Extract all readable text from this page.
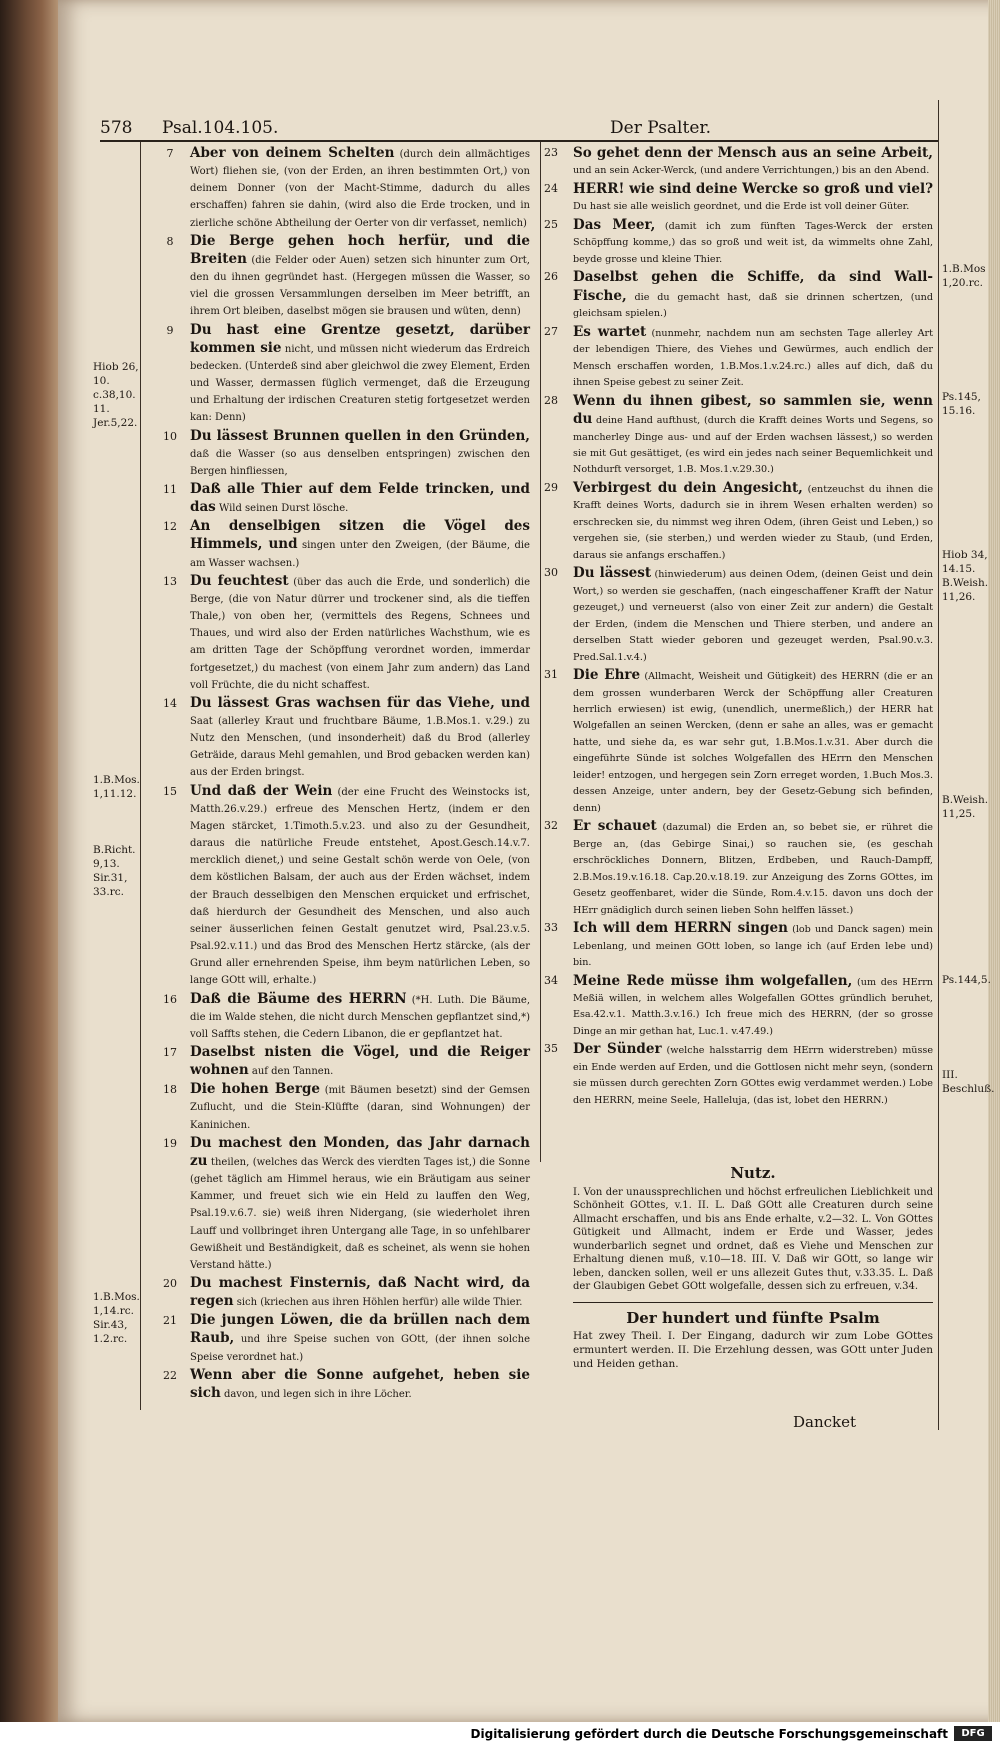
578 Psal.104.105.	Der Psalter.
Hiob 26, 10. c.38,10. 11. Jer.5,22.
1.B.Mos. 1,11.12.
B.Richt. 9,13. Sir.31, 33.rc.
1.B.Mos. 1,14.rc. Sir.43, 1.2.rc.
1.B.Mos 1,20.rc.
Ps.145, 15.16.
Hiob 34, 14.15. B.Weish. 11,26.
B.Weish. 11,25.
Ps.144,5.
III. Beschluß.

7	Aber von deinem Schelten (durch dein allmächtiges Wort) fliehen sie, (von der Erden, an ihren bestimmten Ort,) von deinem Donner (von der Macht-Stimme, dadurch du alles erschaffen) fahren sie dahin, (wird also die Erde trocken, und in zierliche schöne Abtheilung der Oerter von dir verfasset, nemlich)

8	Die Berge gehen hoch herfür, und die Breiten (die Felder oder Auen) setzen sich hinunter zum Ort, den du ihnen gegründet hast. (Hergegen müssen die Wasser, so viel die grossen Versammlungen derselben im Meer betrifft, an ihrem Ort bleiben, daselbst mögen sie brausen und wüten, denn)

9	Du hast eine Grentze gesetzt, darüber kommen sie nicht, und müssen nicht wiederum das Erdreich bedecken. (Unterdeß sind aber gleichwol die zwey Element, Erden und Wasser, dermassen füglich vermenget, daß die Erzeugung und Erhaltung der irdischen Creaturen stetig fortgesetzet werden kan: Denn)

10 Du lässest Brunnen quellen in den Gründen, daß die Wasser (so aus denselben entspringen) zwischen den Bergen hinfliessen,

11 Daß alle Thier auf dem Felde trincken, und das Wild seinen Durst lösche.

12 An denselbigen sitzen die Vögel des Himmels, und singen unter den Zweigen, (der Bäume, die am Wasser wachsen.)

13 Du feuchtest (über das auch die Erde, und sonderlich) die Berge, (die von Natur dürrer und trockener sind, als die tieffen Thale,) von oben her, (vermittels des Regens, Schnees und Thaues, und wird also der Erden natürliches Wachsthum, wie es am dritten Tage der Schöpffung verordnet worden, immerdar fortgesetzet,) du machest (von einem Jahr zum andern) das Land voll Früchte, die du nicht schaffest.

14 Du lässest Gras wachsen für das Viehe, und Saat (allerley Kraut und fruchtbare Bäume, 1.B.Mos.1. v.29.) zu Nutz den Menschen, (und insonderheit) daß du Brod (allerley Geträide, daraus Mehl gemahlen, und Brod gebacken werden kan) aus der Erden bringst.

15 Und daß der Wein (der eine Frucht des Weinstocks ist, Matth.26.v.29.) erfreue des Menschen Hertz, (indem er den Magen stärcket, 1.Timoth.5.v.23. und also zu der Gesundheit, daraus die natürliche Freude entstehet, Apost.Gesch.14.v.7. mercklich dienet,) und seine Gestalt schön werde von Oele, (von dem köstlichen Balsam, der auch aus der Erden wächset, indem der Brauch desselbigen den Menschen erquicket und erfrischet, daß hierdurch der Gesundheit des Menschen, und also auch seiner äusserlichen feinen Gestalt genutzet wird, Psal.23.v.5. Psal.92.v.11.) und das Brod des Menschen Hertz stärcke, (als der Grund aller ernehrenden Speise, ihm beym natürlichen Leben, so lange GOtt will, erhalte.)

16 Daß die Bäume des HERRN (*H. Luth. Die Bäume, die im Walde stehen, die nicht durch Menschen gepflantzet sind,*) voll Saffts stehen, die Cedern Libanon, die er gepflantzet hat.

17 Daselbst nisten die Vögel, und die Reiger wohnen auf den Tannen.

18 Die hohen Berge (mit Bäumen besetzt) sind der Gemsen Zuflucht, und die Stein-Klüffte (daran, sind Wohnungen) der Kaninichen.

19 Du machest den Monden, das Jahr darnach zu theilen, (welches das Werck des vierdten Tages ist,) die Sonne (gehet täglich am Himmel heraus, wie ein Bräutigam aus seiner Kammer, und freuet sich wie ein Held zu lauffen den Weg, Psal.19.v.6.7. sie) weiß ihren Nidergang, (sie wiederholet ihren Lauff und vollbringet ihren Untergang alle Tage, in so unfehlbarer Gewißheit und Beständigkeit, daß es scheinet, als wenn sie hohen Verstand hätte.)

20 Du machest Finsternis, daß Nacht wird, da regen sich (kriechen aus ihren Höhlen herfür) alle wilde Thier.

21 Die jungen Löwen, die da brüllen nach dem Raub, und ihre Speise suchen von GOtt, (der ihnen solche Speise verordnet hat.)

22 Wenn aber die Sonne aufgehet, heben sie sich davon, und legen sich in ihre Löcher.

23 So gehet denn der Mensch aus an seine Arbeit, und an sein Acker-Werck, (und andere Verrichtungen,) bis an den Abend.

24 HERR! wie sind deine Wercke so groß und viel? Du hast sie alle weislich geordnet, und die Erde ist voll deiner Güter.

25 Das Meer, (damit ich zum fünften Tages-Werck der ersten Schöpffung komme,) das so groß und weit ist, da wimmelts ohne Zahl, beyde grosse und kleine Thier.

26 Daselbst gehen die Schiffe, da sind Wall-Fische, die du gemacht hast, daß sie drinnen schertzen, (und gleichsam spielen.)

27 Es wartet (nunmehr, nachdem nun am sechsten Tage allerley Art der lebendigen Thiere, des Viehes und Gewürmes, auch endlich der Mensch erschaffen worden, 1.B.Mos.1.v.24.rc.) alles auf dich, daß du ihnen Speise gebest zu seiner Zeit.

28 Wenn du ihnen gibest, so sammlen sie, wenn du deine Hand aufthust, (durch die Krafft deines Worts und Segens, so mancherley Dinge aus- und auf der Erden wachsen lässest,) so werden sie mit Gut gesättiget, (es wird ein jedes nach seiner Bequemlichkeit und Nothdurft versorget, 1.B. Mos.1.v.29.30.)

29 Verbirgest du dein Angesicht, (entzeuchst du ihnen die Krafft deines Worts, dadurch sie in ihrem Wesen erhalten werden) so erschrecken sie, du nimmst weg ihren Odem, (ihren Geist und Leben,) so vergehen sie, (sie sterben,) und werden wieder zu Staub, (und Erden, daraus sie anfangs erschaffen.)

30 Du lässest (hinwiederum) aus deinen Odem, (deinen Geist und dein Wort,) so werden sie geschaffen, (nach eingeschaffener Krafft der Natur gezeuget,) und verneuerst (also von einer Zeit zur andern) die Gestalt der Erden, (indem die Menschen und Thiere sterben, und andere an derselben Statt wieder geboren und gezeuget werden, Psal.90.v.3. Pred.Sal.1.v.4.)

31 Die Ehre (Allmacht, Weisheit und Gütigkeit) des HERRN (die er an dem grossen wunderbaren Werck der Schöpffung aller Creaturen herrlich erwiesen) ist ewig, (unendlich, unermeßlich,) der HERR hat Wolgefallen an seinen Wercken, (denn er sahe an alles, was er gemacht hatte, und siehe da, es war sehr gut, 1.B.Mos.1.v.31. Aber durch die eingeführte Sünde ist solches Wolgefallen des HErrn den Menschen leider! entzogen, und hergegen sein Zorn erreget worden, 1.Buch Mos.3. dessen Anzeige, unter andern, bey der Gesetz-Gebung sich befinden, denn)

32 Er schauet (dazumal) die Erden an, so bebet sie, er rühret die Berge an, (das Gebirge Sinai,) so rauchen sie, (es geschah erschröckliches Donnern, Blitzen, Erdbeben, und Rauch-Dampff, 2.B.Mos.19.v.16.18. Cap.20.v.18.19. zur Anzeigung des Zorns GOttes, im Gesetz geoffenbaret, wider die Sünde, Rom.4.v.15. davon uns doch der HErr gnädiglich durch seinen lieben Sohn helffen lässet.)

33 Ich will dem HERRN singen (lob und Danck sagen) mein Lebenlang, und meinen GOtt loben, so lange ich (auf Erden lebe und) bin.

34 Meine Rede müsse ihm wolgefallen, (um des HErrn Meßiä willen, in welchem alles Wolgefallen GOttes gründlich beruhet, Esa.42.v.1. Matth.3.v.16.) Ich freue mich des HERRN, (der so grosse Dinge an mir gethan hat, Luc.1. v.47.49.)

35 Der Sünder (welche halsstarrig dem HErrn widerstreben) müsse ein Ende werden auf Erden, und die Gottlosen nicht mehr seyn, (sondern sie müssen durch gerechten Zorn GOttes ewig verdammet werden.) Lobe den HERRN, meine Seele, Halleluja, (das ist, lobet den HERRN.)

Nutz.
I. Von der unaussprechlichen und höchst erfreulichen Lieblichkeit und Schönheit GOttes, v.1. II. L. Daß GOtt alle Creaturen durch seine Allmacht erschaffen, und bis ans Ende erhalte, v.2—32. L. Von GOttes Gütigkeit und Allmacht, indem er Erde und Wasser, jedes wunderbarlich segnet und ordnet, daß es Viehe und Menschen zur Erhaltung dienen muß, v.10—18. III. V. Daß wir GOtt, so lange wir leben, dancken sollen, weil er uns allezeit Gutes thut, v.33.35. L. Daß der Glaubigen Gebet GOtt wolgefalle, dessen sich zu erfreuen, v.34.
Der hundert und fünfte Psalm
Hat zwey Theil. I. Der Eingang, dadurch wir zum Lobe GOttes ermuntert werden. II. Die Erzehlung dessen, was GOtt unter Juden und Heiden gethan.
Dancket
Digitalisierung gefördert durch die Deutsche Forschungsgemeinschaft	DFG
